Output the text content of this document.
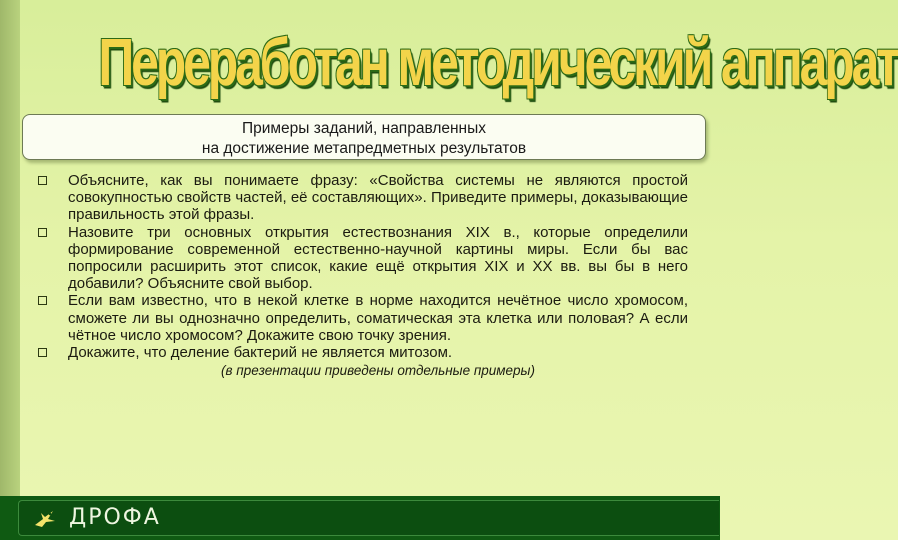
Переработан методический аппарат
Примеры заданий, направленных
на достижение метапредметных результатов
Объясните, как вы понимаете фразу: «Свойства системы не являются простой совокупностью свойств частей, её составляющих». Приведите примеры, доказывающие правильность этой фразы.
Назовите три основных открытия естествознания XIX в., которые определили формирование современной естественно-научной картины миры. Если бы вас попросили расширить этот список, какие ещё открытия XIX и XX вв. вы бы в него добавили? Объясните свой выбор.
Если вам известно, что в некой клетке в норме находится нечётное число хромосом, сможете ли вы однозначно определить, соматическая эта клетка или половая? А если чётное число хромосом? Докажите свою точку зрения.
Докажите, что деление бактерий не является митозом.
(в презентации приведены отдельные примеры)
ДРОФА
